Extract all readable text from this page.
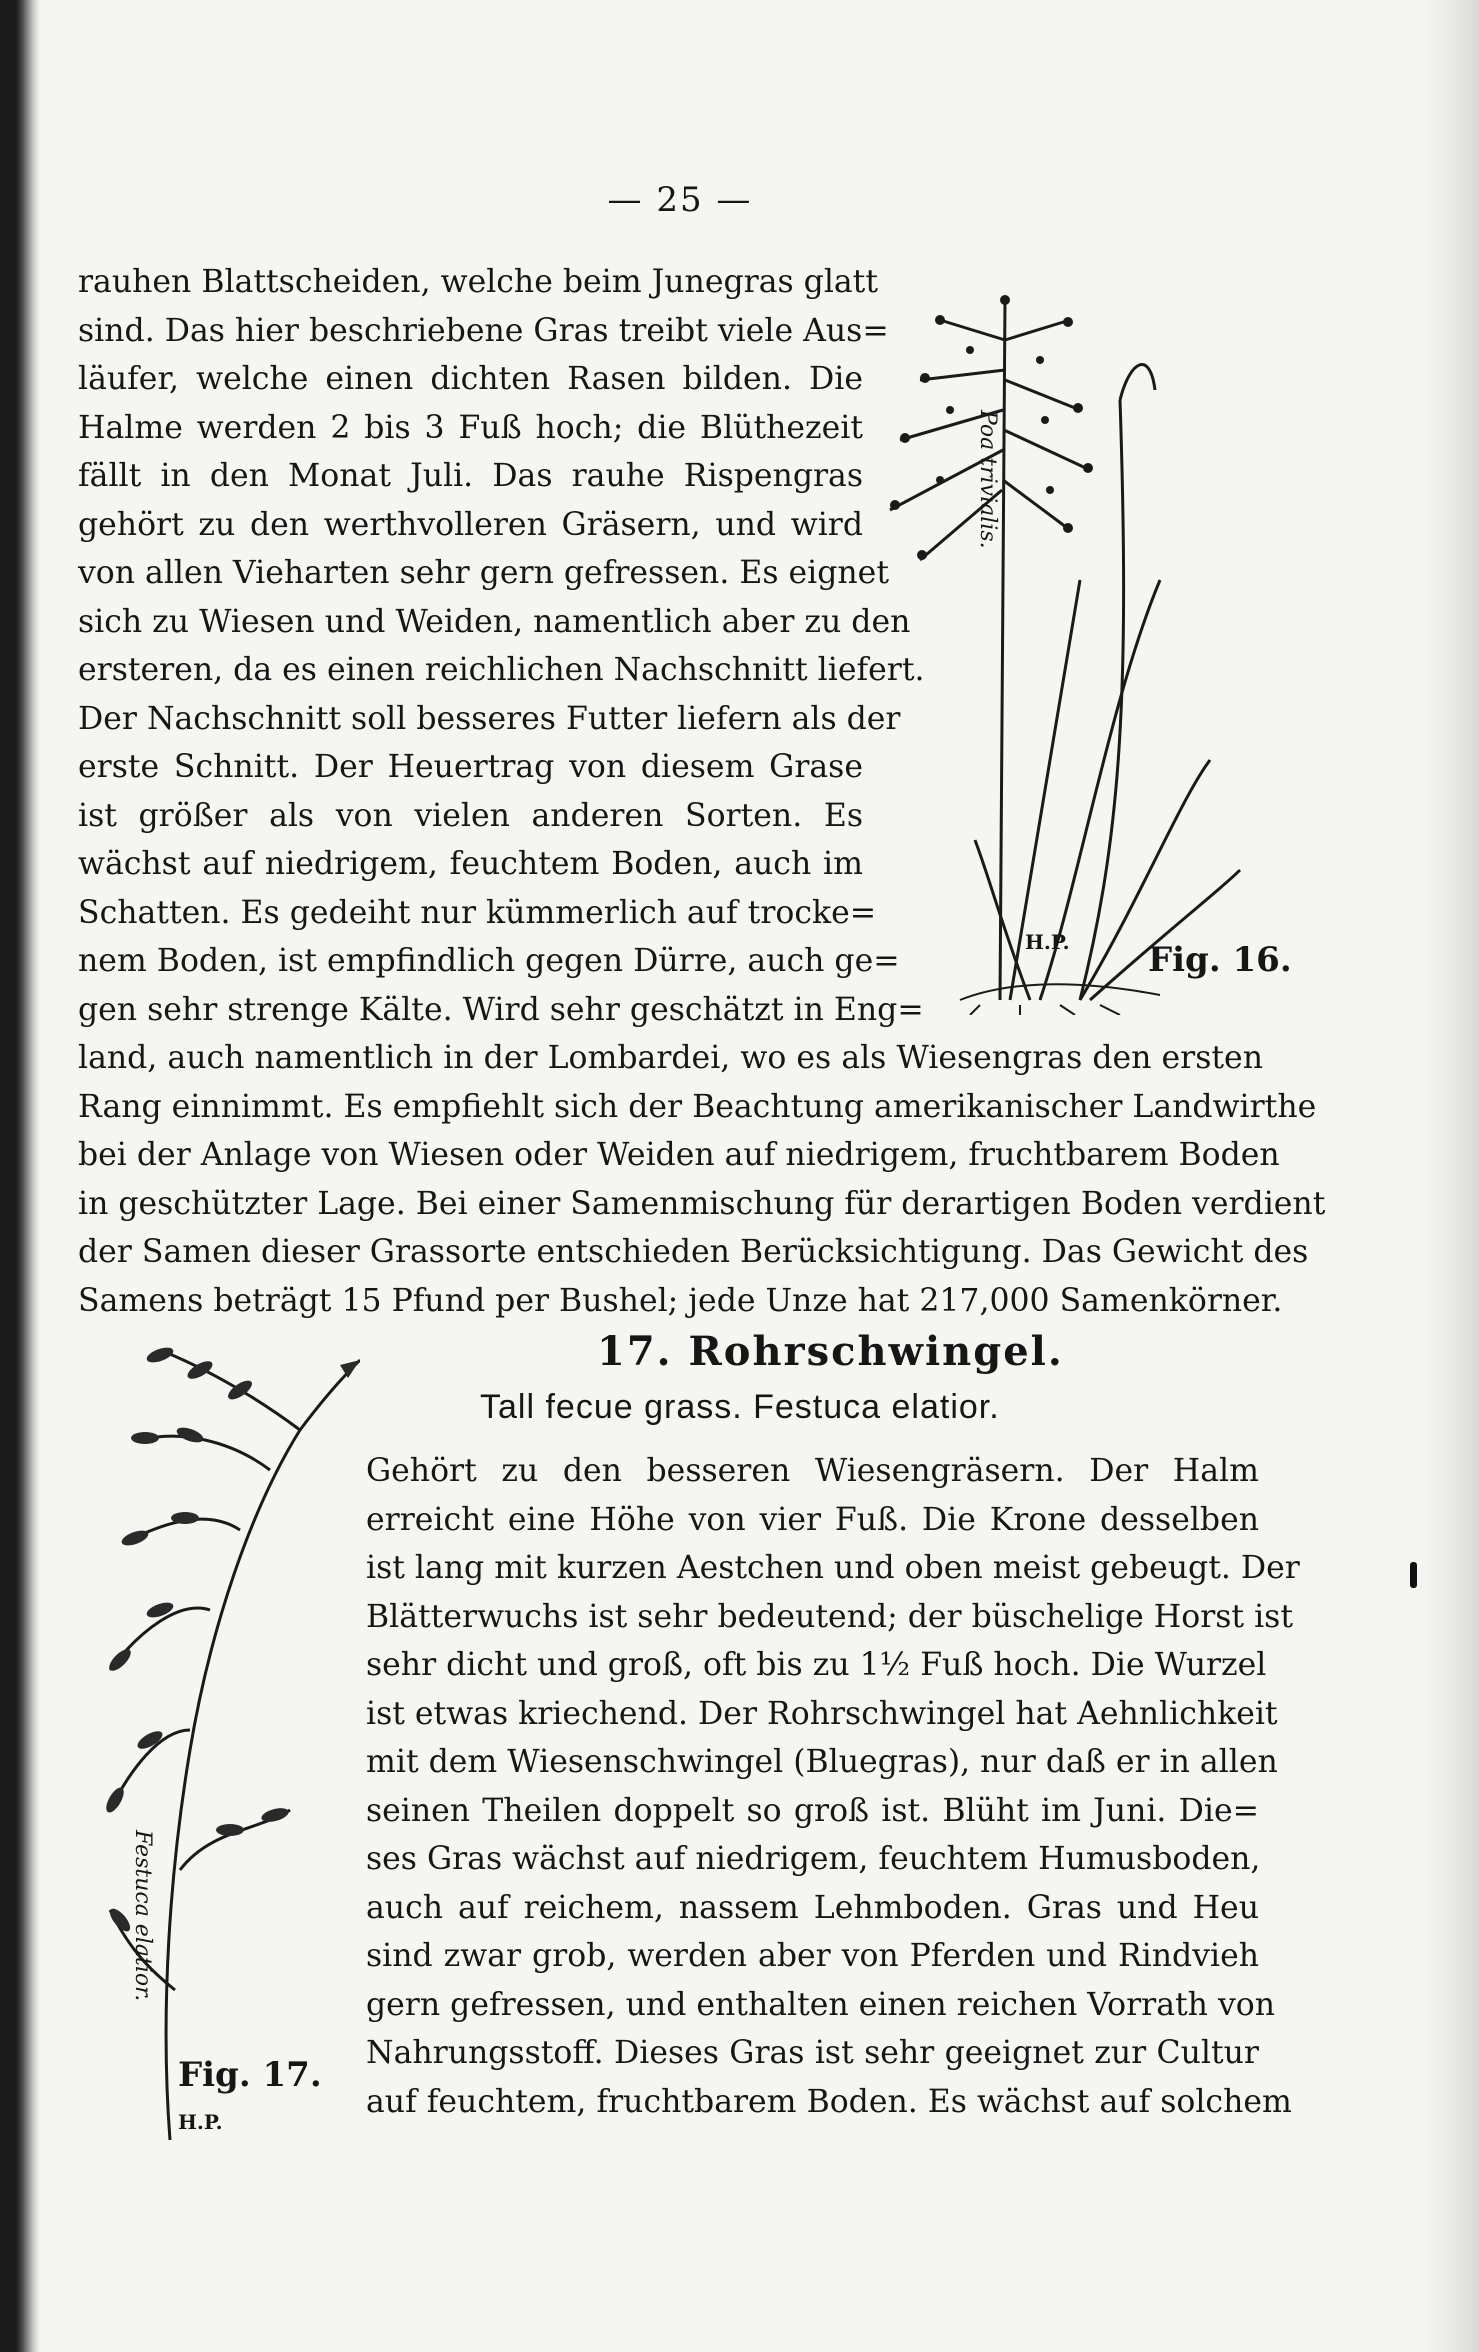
— 25 —

rauhen Blattscheiden, welche beim Junegras glatt
sind. Das hier beschriebene Gras treibt viele Aus=
läufer, welche einen dichten Rasen bilden. Die
Halme werden 2 bis 3 Fuß hoch; die Blüthezeit
fällt in den Monat Juli. Das rauhe Rispengras
gehört zu den werthvolleren Gräsern, und wird
von allen Vieharten sehr gern gefressen. Es eignet
sich zu Wiesen und Weiden, namentlich aber zu den
ersteren, da es einen reichlichen Nachschnitt liefert.
Der Nachschnitt soll besseres Futter liefern als der
erste Schnitt. Der Heuertrag von diesem Grase
ist größer als von vielen anderen Sorten. Es
wächst auf niedrigem, feuchtem Boden, auch im
Schatten. Es gedeiht nur kümmerlich auf trocke=
nem Boden, ist empfindlich gegen Dürre, auch ge=
gen sehr strenge Kälte. Wird sehr geschätzt in Eng=

land, auch namentlich in der Lombardei, wo es als Wiesengras den ersten
Rang einnimmt. Es empfiehlt sich der Beachtung amerikanischer Landwirthe
bei der Anlage von Wiesen oder Weiden auf niedrigem, fruchtbarem Boden
in geschützter Lage. Bei einer Samenmischung für derartigen Boden verdient
der Samen dieser Grassorte entschieden Berücksichtigung. Das Gewicht des
Samens beträgt 15 Pfund per Bushel; jede Unze hat 217,000 Samenkörner.

Poa trivialis.
H.P. Fig. 16.
17. Rohrschwingel.
Tall fecue grass. Festuca elatior.
Festuca elatior.
Fig. 17.
H.P.

Gehört zu den besseren Wiesengräsern. Der Halm
erreicht eine Höhe von vier Fuß. Die Krone desselben
ist lang mit kurzen Aestchen und oben meist gebeugt. Der
Blätterwuchs ist sehr bedeutend; der büschelige Horst ist
sehr dicht und groß, oft bis zu 1½ Fuß hoch. Die Wurzel
ist etwas kriechend. Der Rohrschwingel hat Aehnlichkeit
mit dem Wiesenschwingel (Bluegras), nur daß er in allen
seinen Theilen doppelt so groß ist. Blüht im Juni. Die=
ses Gras wächst auf niedrigem, feuchtem Humusboden,
auch auf reichem, nassem Lehmboden. Gras und Heu
sind zwar grob, werden aber von Pferden und Rindvieh
gern gefressen, und enthalten einen reichen Vorrath von
Nahrungsstoff. Dieses Gras ist sehr geeignet zur Cultur
auf feuchtem, fruchtbarem Boden. Es wächst auf solchem
